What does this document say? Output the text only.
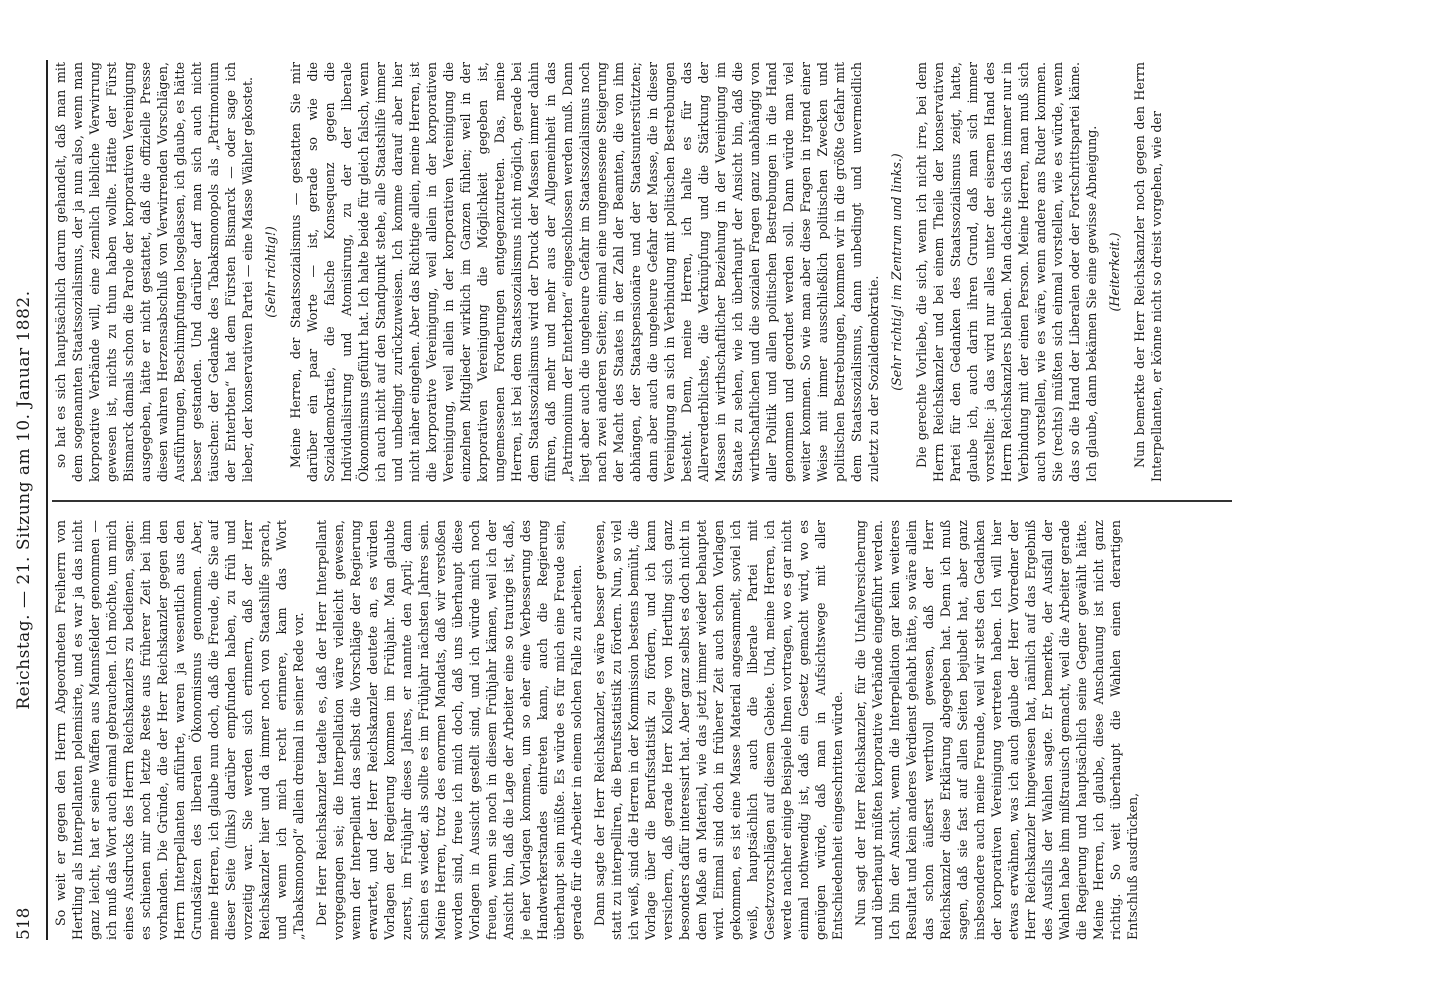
518
Reichstag. — 21. Sitzung am 10. Januar 1882.

So weit er gegen den Herrn Abgeordneten Freiherrn von Hertling als Interpellanten polemisirte, und es war ja das nicht ganz leicht, hat er seine Waffen aus Mannsfelder genommen — ich muß das Wort auch einmal gebrauchen. Ich möchte, um mich eines Ausdrucks des Herrn Reichskanzlers zu bedienen, sagen: es schienen mir noch letzte Reste aus früherer Zeit bei ihm vorhanden. Die Gründe, die der Herr Reichskanzler gegen den Herrn Interpellanten anführte, waren ja wesentlich aus den Grundsätzen des liberalen Ökonomismus genommen. Aber, meine Herren, ich glaube nun doch, daß die Freude, die Sie auf dieser Seite (links) darüber empfunden haben, zu früh und vorzeitig war. Sie werden sich erinnern, daß der Herr Reichskanzler hier und da immer noch von Staatshilfe sprach, und wenn ich mich recht erinnere, kam das Wort „Tabaksmonopol“ allein dreimal in seiner Rede vor. Der Herr Reichskanzler tadelte es, daß der Herr Interpellant vorgegangen sei; die Interpellation wäre vielleicht gewesen, wenn der Interpellant das selbst die Vorschläge der Regierung erwartet, und der Herr Reichskanzler deutete an, es würden Vorlagen der Regierung kommen im Frühjahr. Man glaubte zuerst, im Frühjahr dieses Jahres, er nannte den April; dann schien es wieder, als sollte es im Frühjahr nächsten Jahres sein. Meine Herren, trotz des enormen Mandats, daß wir verstoßen worden sind, freue ich mich doch, daß uns überhaupt diese Vorlagen in Aussicht gestellt sind, und ich würde mich noch freuen, wenn sie noch in diesem Frühjahr kämen, weil ich der Ansicht bin, daß die Lage der Arbeiter eine so traurige ist, daß, je eher Vorlagen kommen, um so eher eine Verbesserung des Handwerkerstandes eintreten kann, auch die Regierung überhaupt sein müßte. Es würde es für mich eine Freude sein, gerade für die Arbeiter in einem solchen Falle zu arbeiten. Dann sagte der Herr Reichskanzler, es wäre besser gewesen, statt zu interpelliren, die Berufsstatistik zu fördern. Nun, so viel ich weiß, sind die Herren in der Kommission bestens bemüht, die Vorlage über die Berufsstatistik zu fördern, und ich kann versichern, daß gerade Herr Kollege von Hertling sich ganz besonders dafür interessirt hat. Aber ganz selbst es doch nicht in dem Maße an Material, wie das jetzt immer wieder behauptet wird. Einmal sind doch in früherer Zeit auch schon Vorlagen gekommen, es ist eine Masse Material angesammelt, soviel ich weiß, hauptsächlich auch die liberale Partei mit Gesetzvorschlägen auf diesem Gebiete. Und, meine Herren, ich werde nachher einige Beispiele Ihnen vortragen, wo es gar nicht einmal nothwendig ist, daß ein Gesetz gemacht wird, wo es genügen würde, daß man in Aufsichtswege mit aller Entschiedenheit eingeschritten würde. Nun sagt der Herr Reichskanzler, für die Unfallversicherung und überhaupt müßten korporative Verbände eingeführt werden. Ich bin der Ansicht, wenn die Interpellation gar kein weiteres Resultat und kein anderes Verdienst gehabt hätte, so wäre allein das schon äußerst werthvoll gewesen, daß der Herr Reichskanzler diese Erklärung abgegeben hat. Denn ich muß sagen, daß sie fast auf allen Seiten bejubelt hat, aber ganz insbesondere auch meine Freunde, weil wir stets den Gedanken der korporativen Vereinigung vertreten haben. Ich will hier etwas erwähnen, was ich auch glaube der Herr Vorredner der Herr Reichskanzler hingewiesen hat, nämlich auf das Ergebniß des Ausfalls der Wahlen sagte. Er bemerkte, der Ausfall der Wahlen habe ihm mißtrauisch gemacht, weil die Arbeiter gerade die Regierung und hauptsächlich seine Gegner gewählt hätte. Meine Herren, ich glaube, diese Anschauung ist nicht ganz richtig. So weit überhaupt die Wahlen einen derartigen Entschluß ausdrücken,

so hat es sich hauptsächlich darum gehandelt, daß man mit dem sogenannten Staatssozialismus, der ja nun also, wenn man korporative Verbände will, eine ziemlich liebliche Verwirrung gewesen ist, nichts zu thun haben wollte. Hätte der Fürst Bismarck damals schon die Parole der korporativen Vereinigung ausgegeben, hätte er nicht gestattet, daß die offizielle Presse diesen wahren Herzensabschluß von Verwirrenden Vorschlägen, Ausführungen, Beschimpfungen losgelassen, ich glaube, es hätte besser gestanden. Und darüber darf man sich auch nicht täuschen: der Gedanke des Tabaksmonopols als „Patrimonium der Enterbten“ hat dem Fürsten Bismarck — oder sage ich lieber, der konservativen Partei — eine Masse Wähler gekostet. (Sehr richtig!) Meine Herren, der Staatssozialismus — gestatten Sie mir darüber ein paar Worte — ist, gerade so wie die Sozialdemokratie, die falsche Konsequenz gegen die Individualisirung und Atomisirung, zu der der liberale Ökonomismus geführt hat. Ich halte beide für gleich falsch, wenn ich auch nicht auf den Standpunkt stehe, alle Staatshilfe immer und unbedingt zurückzuweisen. Ich komme darauf aber hier nicht näher eingehen. Aber das Richtige allein, meine Herren, ist die korporative Vereinigung, weil allein in der korporativen Vereinigung, weil allein in der korporativen Vereinigung die einzelnen Mitglieder wirklich im Ganzen fühlen; weil in der korporativen Vereinigung die Möglichkeit gegeben ist, ungemessenen Forderungen entgegenzutreten. Das, meine Herren, ist bei dem Staatssozialismus nicht möglich, gerade bei dem Staatssozialismus wird der Druck der Massen immer dahin führen, daß mehr und mehr aus der Allgemeinheit in das „Patrimonium der Enterbten“ eingeschlossen werden muß. Dann liegt aber auch die ungeheure Gefahr im Staatssozialismus noch nach zwei anderen Seiten; einmal eine ungemessene Steigerung der Macht des Staates in der Zahl der Beamten, die von ihm abhängen, der Staatspensionäre und der Staatsunterstützten; dann aber auch die ungeheure Gefahr der Masse, die in dieser Vereinigung an sich in Verbindung mit politischen Bestrebungen besteht. Denn, meine Herren, ich halte es für das Allerverderblichste, die Verknüpfung und die Stärkung der Massen in wirthschaftlicher Beziehung in der Vereinigung im Staate zu sehen, wie ich überhaupt der Ansicht bin, daß die wirthschaftlichen und die sozialen Fragen ganz unabhängig von aller Politik und allen politischen Bestrebungen in die Hand genommen und geordnet werden soll. Dann würde man viel weiter kommen. So wie man aber diese Fragen in irgend einer Weise mit immer ausschließlich politischen Zwecken und politischen Bestrebungen, kommen wir in die größte Gefahr mit dem Staatssozialismus, dann unbedingt und unvermeidlich zuletzt zu der Sozialdemokratie. (Sehr richtig! im Zentrum und links.) Die gerechte Vorliebe, die sich, wenn ich nicht irre, bei dem Herrn Reichskanzler und bei einem Theile der konservativen Partei für den Gedanken des Staatssozialismus zeigt, hatte, glaube ich, auch darin ihren Grund, daß man sich immer vorstellte: ja das wird nur alles unter der eisernen Hand des Herrn Reichskanzlers bleiben. Man dachte sich das immer nur in Verbindung mit der einen Person. Meine Herren, man muß sich auch vorstellen, wie es wäre, wenn andere ans Ruder kommen. Sie (rechts) müßten sich einmal vorstellen, wie es würde, wenn das so die Hand der Liberalen oder der Fortschrittspartei käme. Ich glaube, dann bekämen Sie eine gewisse Abneigung. (Heiterkeit.) Nun bemerkte der Herr Reichskanzler noch gegen den Herrn Interpellanten, er könne nicht so dreist vorgehen, wie der
